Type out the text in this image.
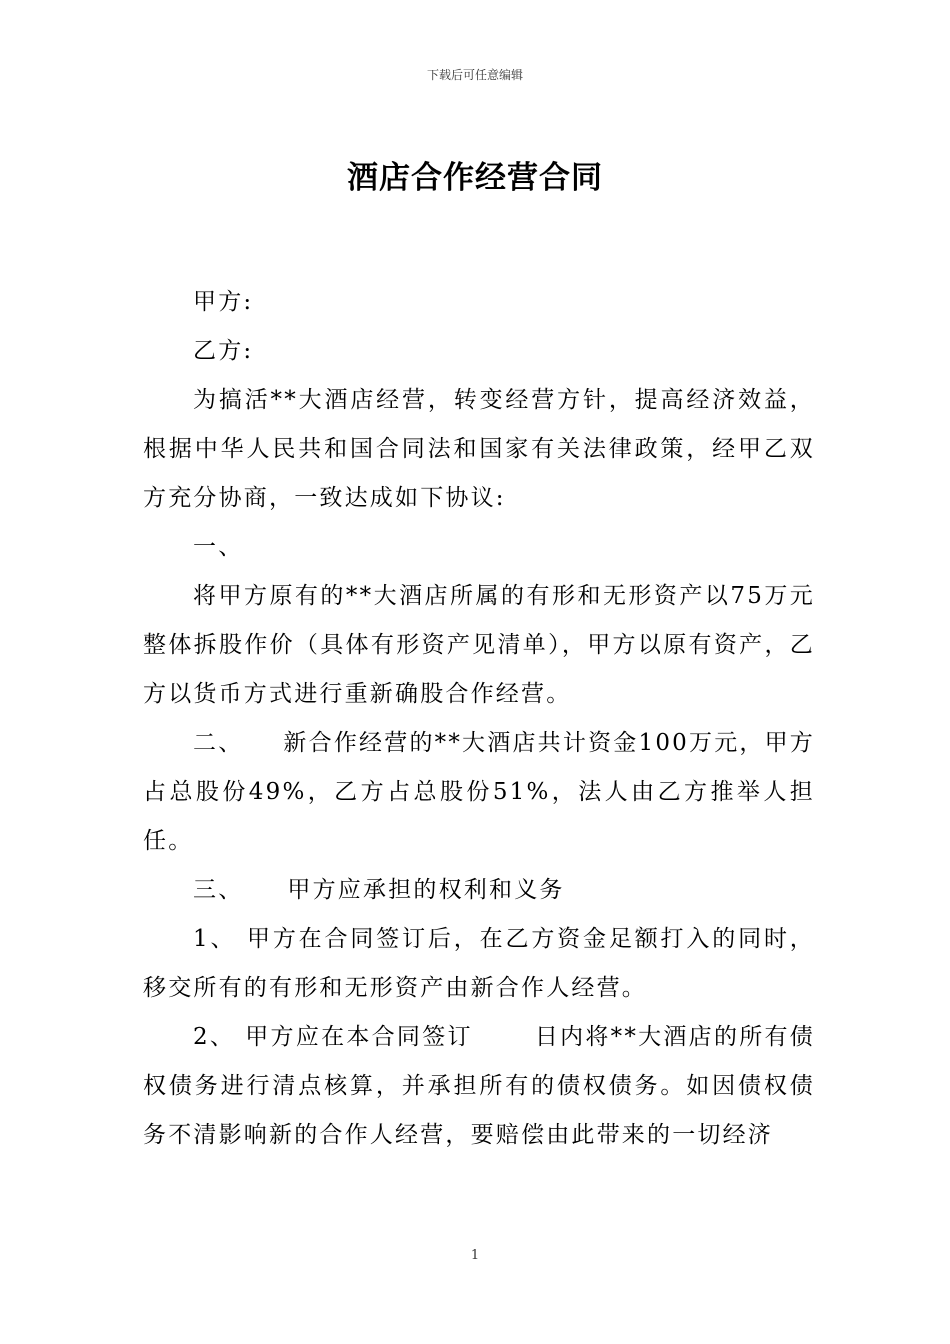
下载后可任意编辑
酒店合作经营合同

甲方:

乙方:

为搞活**大酒店经营，转变经营方针，提高经济效益，根据中华人民共和国合同法和国家有关法律政策，经甲乙双方充分协商，一致达成如下协议:

一、

将甲方原有的**大酒店所属的有形和无形资产以75万元整体拆股作价（具体有形资产见清单），甲方以原有资产，乙方以货币方式进行重新确股合作经营。

二、 新合作经营的**大酒店共计资金100万元，甲方占总股份49%，乙方占总股份51%，法人由乙方推举人担任。

三、 甲方应承担的权利和义务

1、 甲方在合同签订后，在乙方资金足额打入的同时，移交所有的有形和无形资产由新合作人经营。

2、 甲方应在本合同签订	日内将**大酒店的所有债权债务进行清点核算，并承担所有的债权债务。如因债权债务不清影响新的合作人经营，要赔偿由此带来的一切经济

1
